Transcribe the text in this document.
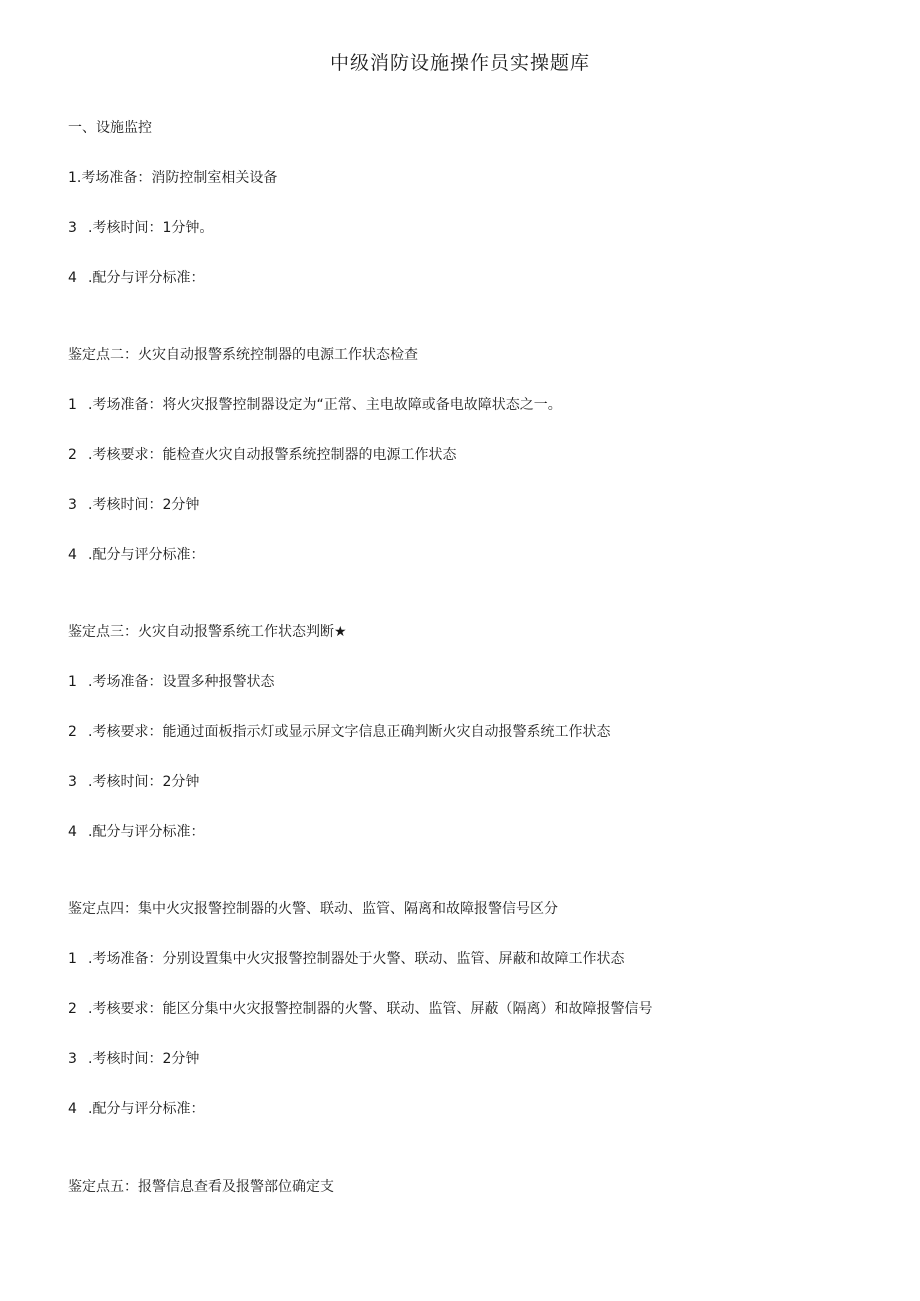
中级消防设施操作员实操题库
一、设施监控
1.考场准备：消防控制室相关设备
3 .考核时间：1分钟。
4 .配分与评分标准：
鉴定点二：火灾自动报警系统控制器的电源工作状态检查
1 .考场准备：将火灾报警控制器设定为“正常、主电故障或备电故障状态之一。
2 .考核要求：能检查火灾自动报警系统控制器的电源工作状态
3 .考核时间：2分钟
4 .配分与评分标准：
鉴定点三：火灾自动报警系统工作状态判断★
1 .考场准备：设置多种报警状态
2 .考核要求：能通过面板指示灯或显示屏文字信息正确判断火灾自动报警系统工作状态
3 .考核时间：2分钟
4 .配分与评分标准：
鉴定点四：集中火灾报警控制器的火警、联动、监管、隔离和故障报警信号区分
1 .考场准备：分别设置集中火灾报警控制器处于火警、联动、监管、屏蔽和故障工作状态
2 .考核要求：能区分集中火灾报警控制器的火警、联动、监管、屏蔽（隔离）和故障报警信号
3 .考核时间：2分钟
4 .配分与评分标准：
鉴定点五：报警信息查看及报警部位确定支
